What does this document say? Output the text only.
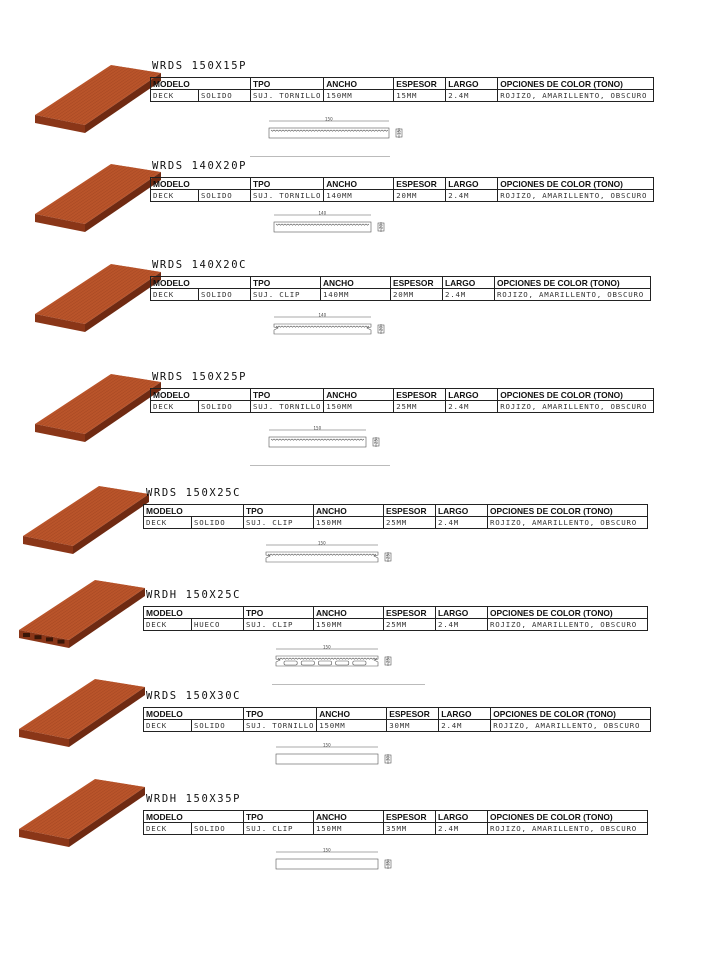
WRDS 150X15P
MODELO		TPO	ANCHO	ESPESOR	LARGO	OPCIONES DE COLOR (TONO)
DECK	SOLIDO	SUJ. TORNILLO	150MM	15MM	2.4M	ROJIZO, AMARILLENTO, OBSCURO
150
15
WRDS 140X20P
MODELO		TPO	ANCHO	ESPESOR	LARGO	OPCIONES DE COLOR (TONO)
DECK	SOLIDO	SUJ. TORNILLO	140MM	20MM	2.4M	ROJIZO, AMARILLENTO, OBSCURO
140
20
WRDS 140X20C
MODELO		TPO	ANCHO	ESPESOR	LARGO	OPCIONES DE COLOR (TONO)
DECK	SOLIDO	SUJ. CLIP	140MM	20MM	2.4M	ROJIZO, AMARILLENTO, OBSCURO
140
20
WRDS 150X25P
MODELO		TPO	ANCHO	ESPESOR	LARGO	OPCIONES DE COLOR (TONO)
DECK	SOLIDO	SUJ. TORNILLO	150MM	25MM	2.4M	ROJIZO, AMARILLENTO, OBSCURO
150
25
WRDS 150X25C
MODELO		TPO	ANCHO	ESPESOR	LARGO	OPCIONES DE COLOR (TONO)
DECK	SOLIDO	SUJ. CLIP	150MM	25MM	2.4M	ROJIZO, AMARILLENTO, OBSCURO
150
25
WRDH 150X25C
MODELO		TPO	ANCHO	ESPESOR	LARGO	OPCIONES DE COLOR (TONO)
DECK	HUECO	SUJ. CLIP	150MM	25MM	2.4M	ROJIZO, AMARILLENTO, OBSCURO
150
25
WRDS 150X30C
MODELO		TPO	ANCHO	ESPESOR	LARGO	OPCIONES DE COLOR (TONO)
DECK	SOLIDO	SUJ. TORNILLO	150MM	30MM	2.4M	ROJIZO, AMARILLENTO, OBSCURO
150
30
WRDH 150X35P
MODELO		TPO	ANCHO	ESPESOR	LARGO	OPCIONES DE COLOR (TONO)
DECK	SOLIDO	SUJ. CLIP	150MM	35MM	2.4M	ROJIZO, AMARILLENTO, OBSCURO
150
35
